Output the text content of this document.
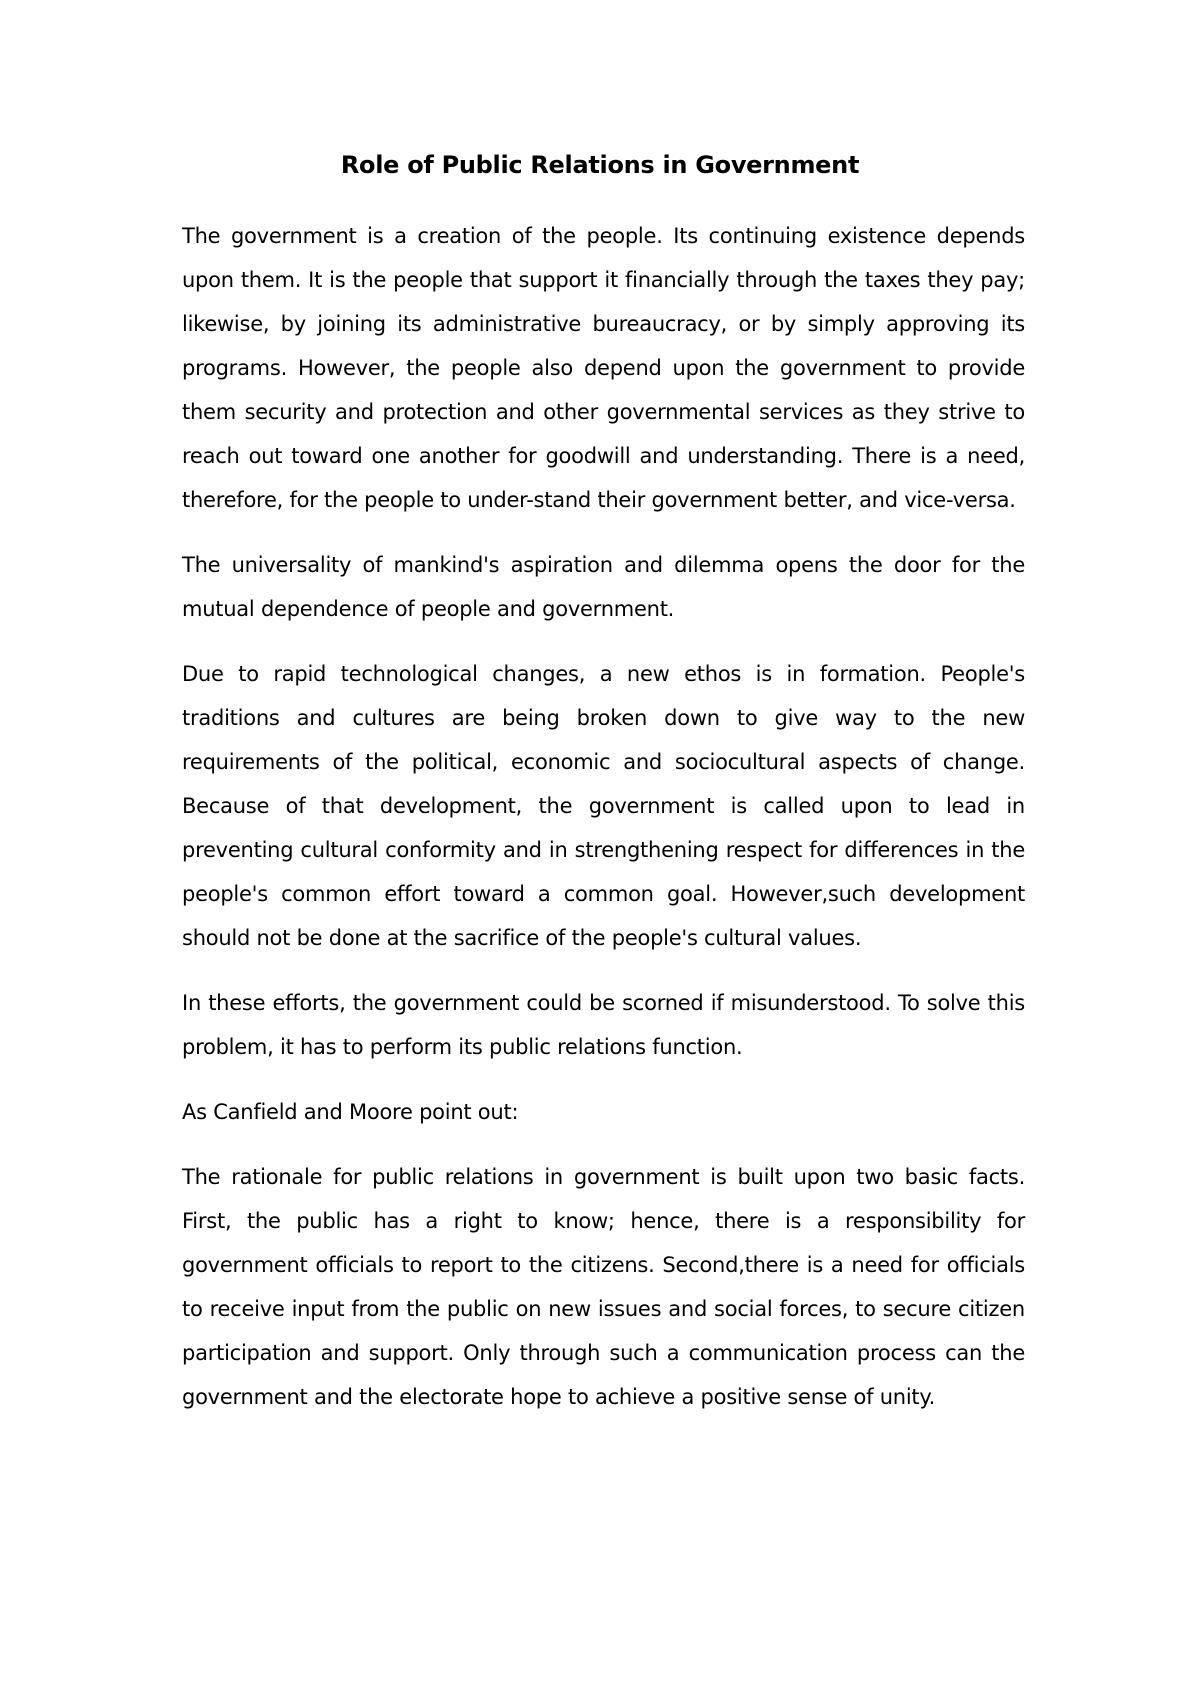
Role of Public Relations in Government

The government is a creation of the people. Its continuing existence depends upon them. It is the people that support it financially through the taxes they pay; likewise, by joining its administrative bureaucracy, or by simply approving its programs. However, the people also depend upon the government to provide them security and protection and other governmental services as they strive to reach out toward one another for goodwill and understanding. There is a need, therefore, for the people to under-stand their government better, and vice-versa.

The universality of mankind's aspiration and dilemma opens the door for the mutual dependence of people and government.

Due to rapid technological changes, a new ethos is in formation. People's traditions and cultures are being broken down to give way to the new requirements of the political, economic and sociocultural aspects of change. Because of that development, the government is called upon to lead in preventing cultural conformity and in strengthening respect for differences in the people's common effort toward a common goal. However,such development should not be done at the sacrifice of the people's cultural values.

In these efforts, the government could be scorned if misunderstood. To solve this problem, it has to perform its public relations function.

As Canfield and Moore point out:

The rationale for public relations in government is built upon two basic facts. First, the public has a right to know; hence, there is a responsibility for government officials to report to the citizens. Second,there is a need for officials to receive input from the public on new issues and social forces, to secure citizen participation and support. Only through such a communication process can the government and the electorate hope to achieve a positive sense of unity.
